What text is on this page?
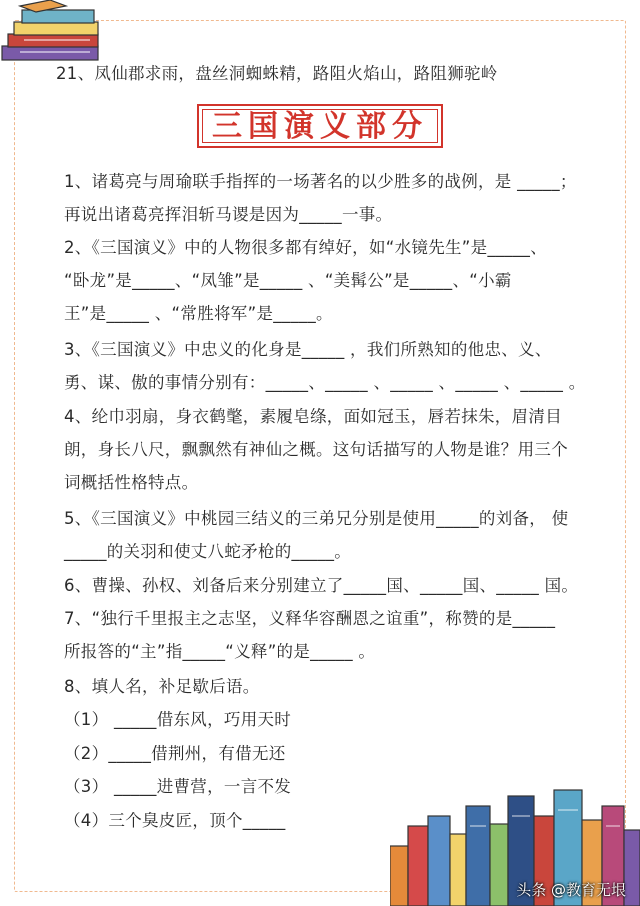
三国演义部分
21、凤仙郡求雨，盘丝洞蜘蛛精，路阻火焰山，路阻狮驼岭
1、诸葛亮与周瑜联手指挥的一场著名的以少胜多的战例，是 _____；
再说出诸葛亮挥泪斩马谡是因为_____一事。
2、《三国演义》中的人物很多都有绰好，如“水镜先生”是_____、
“卧龙”是_____、“凤雏”是_____ 、“美髯公”是_____、“小霸
王”是_____ 、“常胜将军”是_____。
3、《三国演义》中忠义的化身是_____ ，我们所熟知的他忠、义、
勇、谋、傲的事情分别有：_____、_____ 、_____ 、_____ 、_____ 。
4、纶巾羽扇，身衣鹤氅，素履皂绦，面如冠玉，唇若抹朱，眉清目
朗，身长八尺，飘飘然有神仙之概。这句话描写的人物是谁？用三个
词概括性格特点。
5、《三国演义》中桃园三结义的三弟兄分别是使用_____的刘备， 使
_____的关羽和使丈八蛇矛枪的_____。
6、曹操、孙权、刘备后来分别建立了_____国、_____国、_____ 国。
7、“独行千里报主之志坚，义释华容酬恩之谊重”，称赞的是_____
所报答的“主”指_____“义释”的是_____ 。
8、填人名，补足歇后语。
（1） _____借东风，巧用天时
（2）_____借荆州，有借无还
（3） _____进曹营，一言不发
（4）三个臭皮匠，顶个_____
头条 @教育无垠
